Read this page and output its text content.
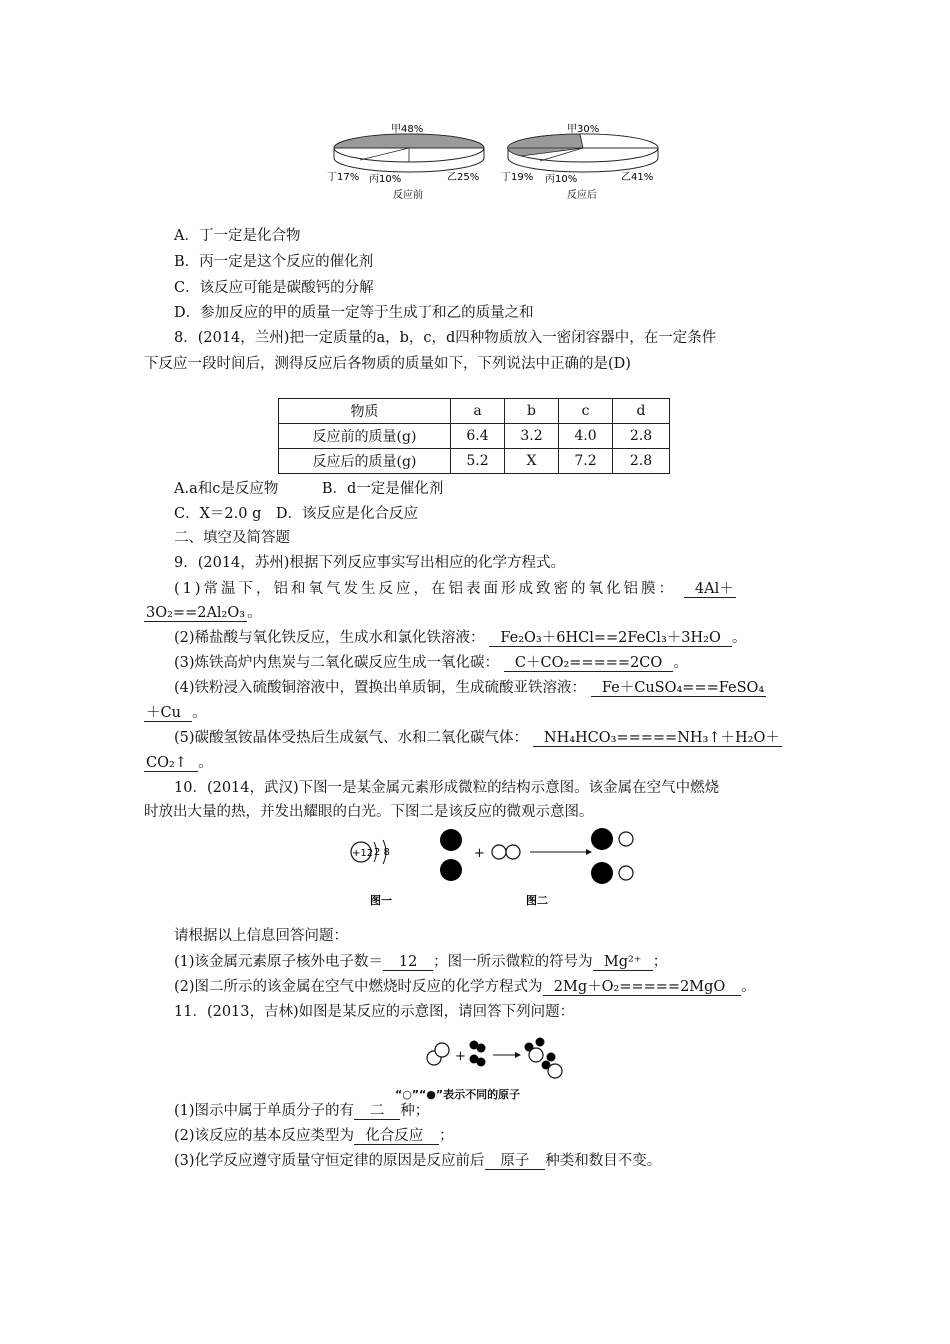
甲48%
丁17% 丙10%	乙25%
反应前
甲30%
丁19% 丙10%	乙41%
反应后
A．丁一定是化合物
B．丙一定是这个反应的催化剂
C．该反应可能是碳酸钙的分解
D．参加反应的甲的质量一定等于生成丁和乙的质量之和
8．(2014，兰州)把一定质量的a，b，c，d四种物质放入一密闭容器中，在一定条件
下反应一段时间后，测得反应后各物质的质量如下，下列说法中正确的是(D)
物质	a	b	c	d
反应前的质量(g)	6.4	3.2	4.0	2.8
反应后的质量(g)	5.2	X	7.2	2.8
A.a和c是反应物　　　B．d一定是催化剂
C．X＝2.0 g　D．该反应是化合反应
二、填空及简答题
9．(2014，苏州)根据下列反应事实写出相应的化学方程式。
(1)常温下，铝和氧气发生反应，在铝表面形成致密的氧化铝膜： 4Al＋
3O₂==2Al₂O₃ 。
(2)稀盐酸与氧化铁反应，生成水和氯化铁溶液： Fe₂O₃＋6HCl==2FeCl₃＋3H₂O 。
(3)炼铁高炉内焦炭与二氧化碳反应生成一氧化碳： C＋CO₂=====2CO 。
(4)铁粉浸入硫酸铜溶液中，置换出单质铜，生成硫酸亚铁溶液： Fe＋CuSO₄===FeSO₄
＋Cu 。
(5)碳酸氢铵晶体受热后生成氨气、水和二氧化碳气体： NH₄HCO₃=====NH₃↑＋H₂O＋
CO₂↑ 。
10．(2014，武汉)下图一是某金属元素形成微粒的结构示意图。该金属在空气中燃烧
时放出大量的热，并发出耀眼的白光。下图二是该反应的微观示意图。
+12 2 8
图一
+
图二
请根据以上信息回答问题：
(1)该金属元素原子核外电子数＝ 12 ；图一所示微粒的符号为 Mg²⁺ ；
(2)图二所示的该金属在空气中燃烧时反应的化学方程式为 2Mg＋O₂=====2MgO 。
11．(2013，吉林)如图是某反应的示意图，请回答下列问题：
+
“○”“●”表示不同的原子
(1)图示中属于单质分子的有 二 种；
(2)该反应的基本反应类型为 化合反应 ；
(3)化学反应遵守质量守恒定律的原因是反应前后 原子 种类和数目不变。
